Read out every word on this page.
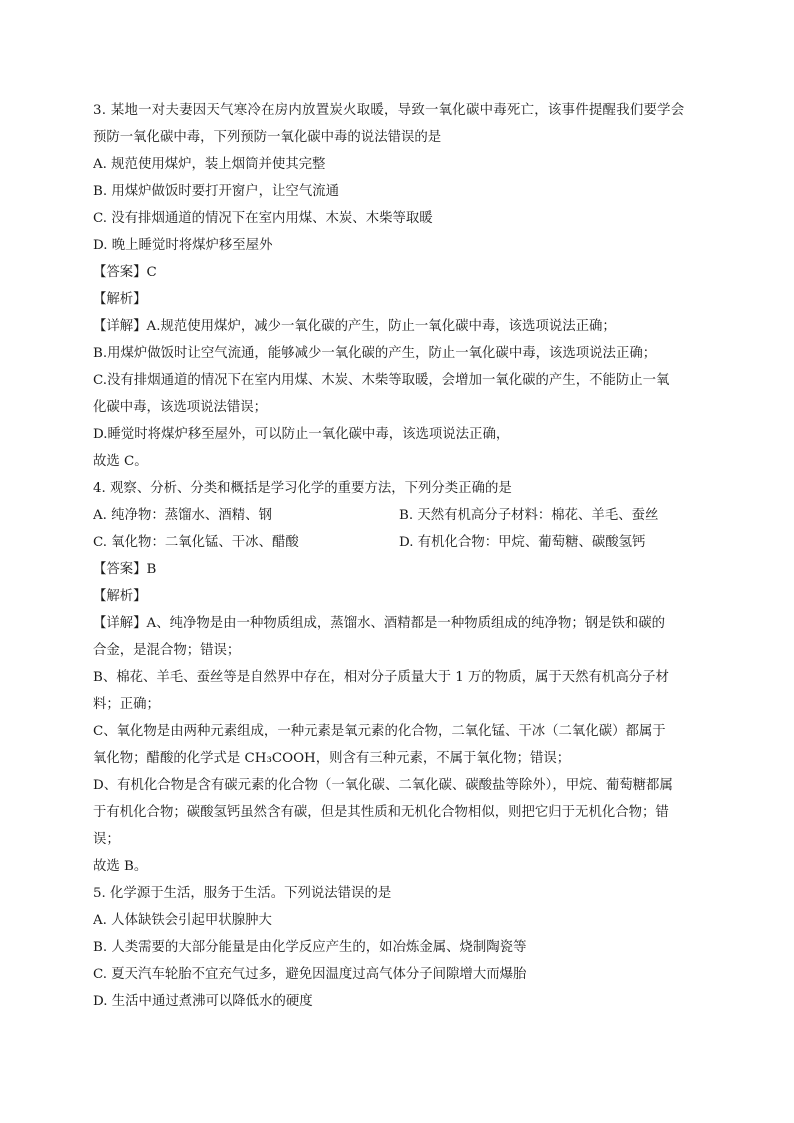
3. 某地一对夫妻因天气寒冷在房内放置炭火取暖，导致一氧化碳中毒死亡，该事件提醒我们要学会
预防一氧化碳中毒，下列预防一氧化碳中毒的说法错误的是
A. 规范使用煤炉，装上烟筒并使其完整
B. 用煤炉做饭时要打开窗户，让空气流通
C. 没有排烟通道的情况下在室内用煤、木炭、木柴等取暖
D. 晚上睡觉时将煤炉移至屋外
【答案】C
【解析】
【详解】A.规范使用煤炉，减少一氧化碳的产生，防止一氧化碳中毒，该选项说法正确；
B.用煤炉做饭时让空气流通，能够减少一氧化碳的产生，防止一氧化碳中毒，该选项说法正确；
C.没有排烟通道的情况下在室内用煤、木炭、木柴等取暖，会增加一氧化碳的产生，不能防止一氧
化碳中毒，该选项说法错误；
D.睡觉时将煤炉移至屋外，可以防止一氧化碳中毒，该选项说法正确，
故选 C。
4. 观察、分析、分类和概括是学习化学的重要方法，下列分类正确的是
A. 纯净物：蒸馏水、酒精、钢	B. 天然有机高分子材料：棉花、羊毛、蚕丝
C. 氧化物：二氧化锰、干冰、醋酸	D. 有机化合物：甲烷、葡萄糖、碳酸氢钙
【答案】B
【解析】
【详解】A、纯净物是由一种物质组成，蒸馏水、酒精都是一种物质组成的纯净物；钢是铁和碳的
合金，是混合物；错误；
B、棉花、羊毛、蚕丝等是自然界中存在，相对分子质量大于 1 万的物质，属于天然有机高分子材
料；正确；
C、氧化物是由两种元素组成，一种元素是氧元素的化合物，二氧化锰、干冰（二氧化碳）都属于
氧化物；醋酸的化学式是 CH₃COOH，则含有三种元素，不属于氧化物；错误；
D、有机化合物是含有碳元素的化合物（一氧化碳、二氧化碳、碳酸盐等除外），甲烷、葡萄糖都属
于有机化合物；碳酸氢钙虽然含有碳，但是其性质和无机化合物相似，则把它归于无机化合物；错
误；
故选 B。
5. 化学源于生活，服务于生活。下列说法错误的是
A. 人体缺铁会引起甲状腺肿大
B. 人类需要的大部分能量是由化学反应产生的，如冶炼金属、烧制陶瓷等
C. 夏天汽车轮胎不宜充气过多，避免因温度过高气体分子间隙增大而爆胎
D. 生活中通过煮沸可以降低水的硬度
